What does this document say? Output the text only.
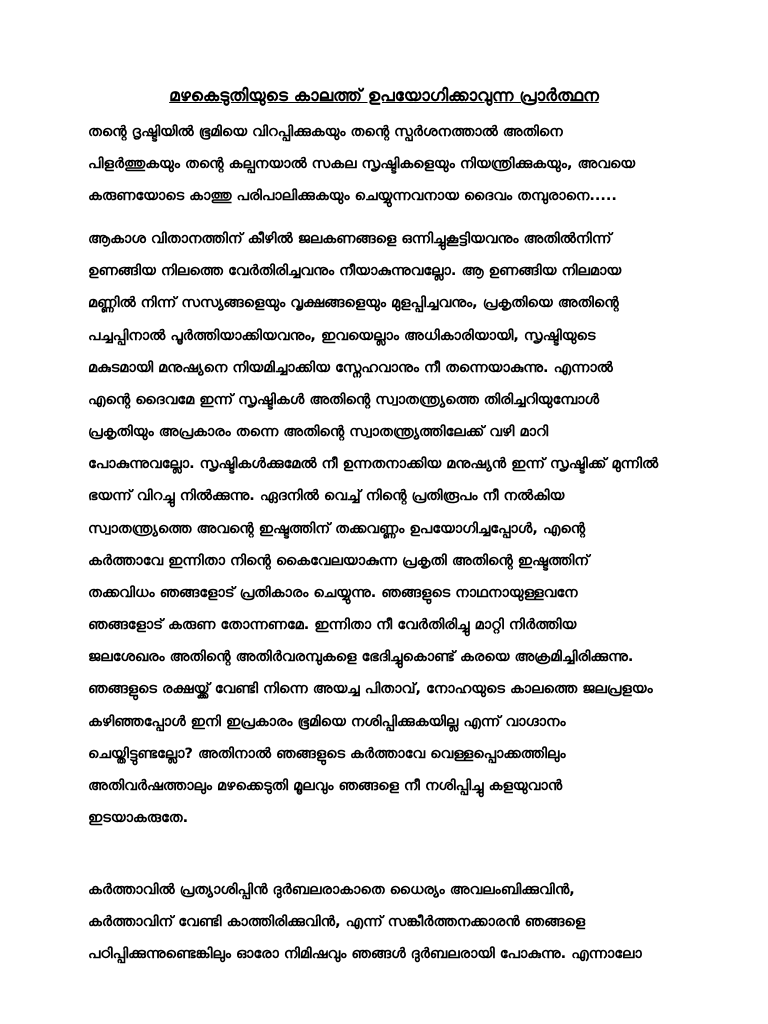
മഴകെടുതിയുടെ കാലത്ത് ഉപയോഗിക്കാവുന്ന പ്രാർത്ഥന
തന്റെ ദൃഷ്ടിയിൽ ഭൂമിയെ വിറപ്പിക്കുകയും തന്റെ സ്പർശനത്താൽ അതിനെ
പിളർത്തുകയും തന്റെ കല്പനയാൽ സകല സൃഷ്ടികളെയും നിയന്ത്രിക്കുകയും, അവയെ
കരുണയോടെ കാത്തു പരിപാലിക്കുകയും ചെയ്യുന്നവനായ ദൈവം തമ്പുരാനെ.....
ആകാശ വിതാനത്തിന് കീഴിൽ ജലകണങ്ങളെ ഒന്നിച്ചുകൂട്ടിയവനും അതിൽനിന്ന്
ഉണങ്ങിയ നിലത്തെ വേർതിരിച്ചവനും നീയാകുന്നുവല്ലോ. ആ ഉണങ്ങിയ നിലമായ
മണ്ണിൽ നിന്ന് സസ്യങ്ങളെയും വൃക്ഷങ്ങളെയും മുളപ്പിച്ചവനും, പ്രകൃതിയെ അതിന്റെ
പച്ചപ്പിനാൽ പൂർത്തിയാക്കിയവനും, ഇവയെല്ലാം അധികാരിയായി, സൃഷ്ടിയുടെ
മകുടമായി മനുഷ്യനെ നിയമിച്ചാക്കിയ സ്നേഹവാനും നീ തന്നെയാകുന്നു. എന്നാൽ
എന്റെ ദൈവമേ ഇന്ന് സൃഷ്ടികൾ അതിന്റെ സ്വാതന്ത്ര്യത്തെ തിരിച്ചറിയുമ്പോൾ
പ്രകൃതിയും അപ്രകാരം തന്നെ അതിന്റെ സ്വാതന്ത്ര്യത്തിലേക്ക് വഴി മാറി
പോകുന്നുവല്ലോ. സൃഷ്ടികൾക്കുമേൽ നീ ഉന്നതനാക്കിയ മനുഷ്യൻ ഇന്ന് സൃഷ്ടിക്ക് മുന്നിൽ
ഭയന്ന് വിറച്ചു നിൽക്കുന്നു. ഏദനിൽ വെച്ച് നിന്റെ പ്രതിരൂപം നീ നൽകിയ
സ്വാതന്ത്ര്യത്തെ അവന്റെ ഇഷ്ടത്തിന് തക്കവണ്ണം ഉപയോഗിച്ചപ്പോൾ, എന്റെ
കർത്താവേ ഇന്നിതാ നിന്റെ കൈവേലയാകുന്ന പ്രകൃതി അതിന്റെ ഇഷ്ടത്തിന്
തക്കവിധം ഞങ്ങളോട് പ്രതികാരം ചെയ്യുന്നു. ഞങ്ങളുടെ നാഥനായുള്ളവനേ
ഞങ്ങളോട് കരുണ തോന്നണമേ. ഇന്നിതാ നീ വേർതിരിച്ചു മാറ്റി നിർത്തിയ
ജലശേഖരം അതിന്റെ അതിർവരമ്പുകളെ ഭേദിച്ചുകൊണ്ട് കരയെ അക്രമിച്ചിരിക്കുന്നു.
ഞങ്ങളുടെ രക്ഷയ്ക്ക് വേണ്ടി നിന്നെ അയച്ച പിതാവ്, നോഹയുടെ കാലത്തെ ജലപ്രളയം
കഴിഞ്ഞപ്പോൾ ഇനി ഇപ്രകാരം ഭൂമിയെ നശിപ്പിക്കുകയില്ല എന്ന് വാഗ്ദാനം
ചെയ്തിട്ടുണ്ടല്ലോ? അതിനാൽ ഞങ്ങളുടെ കർത്താവേ വെള്ളപ്പൊക്കത്തിലും
അതിവർഷത്താലും മഴക്കെടുതി മൂലവും ഞങ്ങളെ നീ നശിപ്പിച്ചു കളയുവാൻ
ഇടയാകരുതേ.
കർത്താവിൽ പ്രത്യാശിപ്പിൻ ദുർബലരാകാതെ ധൈര്യം അവലംബിക്കുവിൻ,
കർത്താവിന് വേണ്ടി കാത്തിരിക്കുവിൻ, എന്ന് സങ്കീർത്തനക്കാരൻ ഞങ്ങളെ
പഠിപ്പിക്കുന്നുണ്ടെങ്കിലും ഓരോ നിമിഷവും ഞങ്ങൾ ദുർബലരായി പോകുന്നു. എന്നാലോ
